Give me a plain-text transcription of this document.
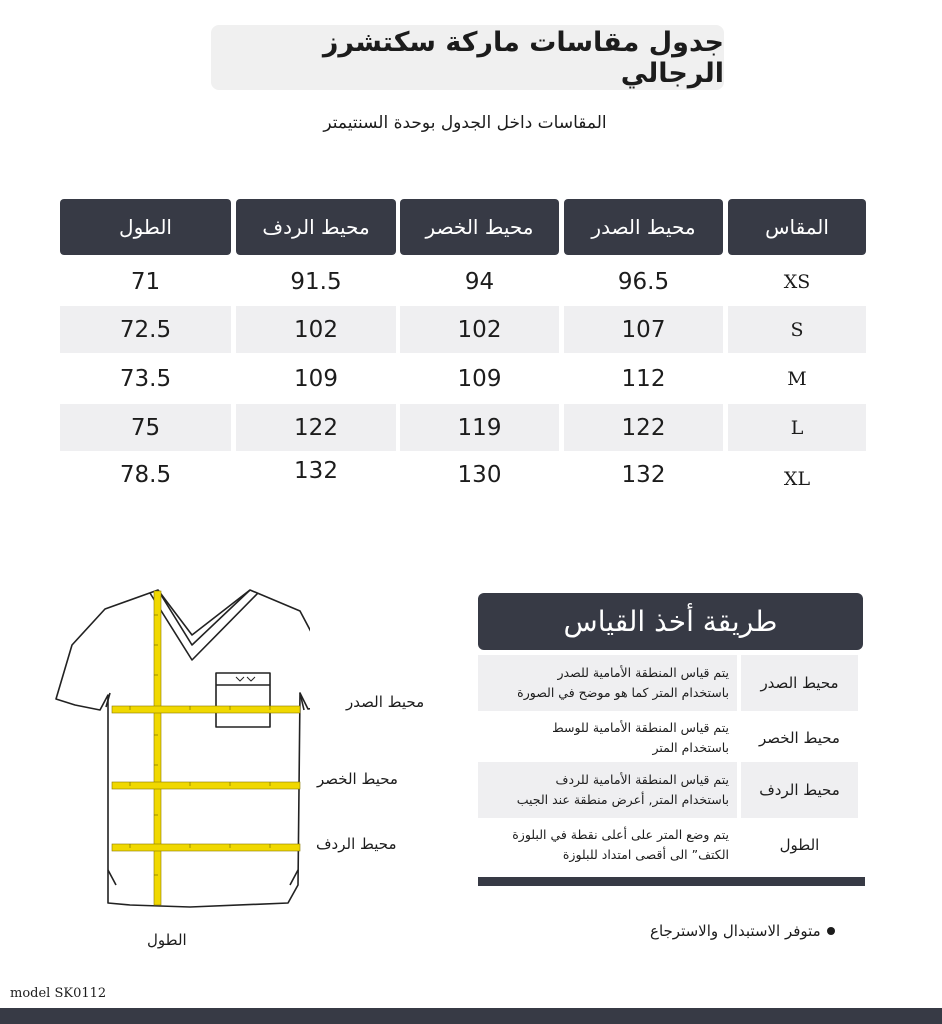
جدول مقاسات ماركة سكتشرز الرجالي
المقاسات داخل الجدول بوحدة السنتيمتر
الطول	محيط الردف	محيط الخصر	محيط الصدر	المقاس
71	91.5	94	96.5	XS
72.5	102	102	107	S
73.5	109	109	112	M
75	122	119	122	L
78.5	132	130	132	XL
محيط الصدر
محيط الخصر
محيط الردف
الطول
طريقة أخذ القياس
محيط الصدر
يتم قياس المنطقة الأمامية للصدر
باستخدام المتر كما هو موضح في الصورة
محيط الخصر
يتم قياس المنطقة الأمامية للوسط
باستخدام المتر
محيط الردف
يتم قياس المنطقة الأمامية للردف
باستخدام المتر, أعرض منطقة عند الجيب
الطول
يتم وضع المتر على أعلى نقطة في البلوزة
الكتف” الى أقصى امتداد للبلوزة
متوفر الاستبدال والاسترجاع
model SK0112
